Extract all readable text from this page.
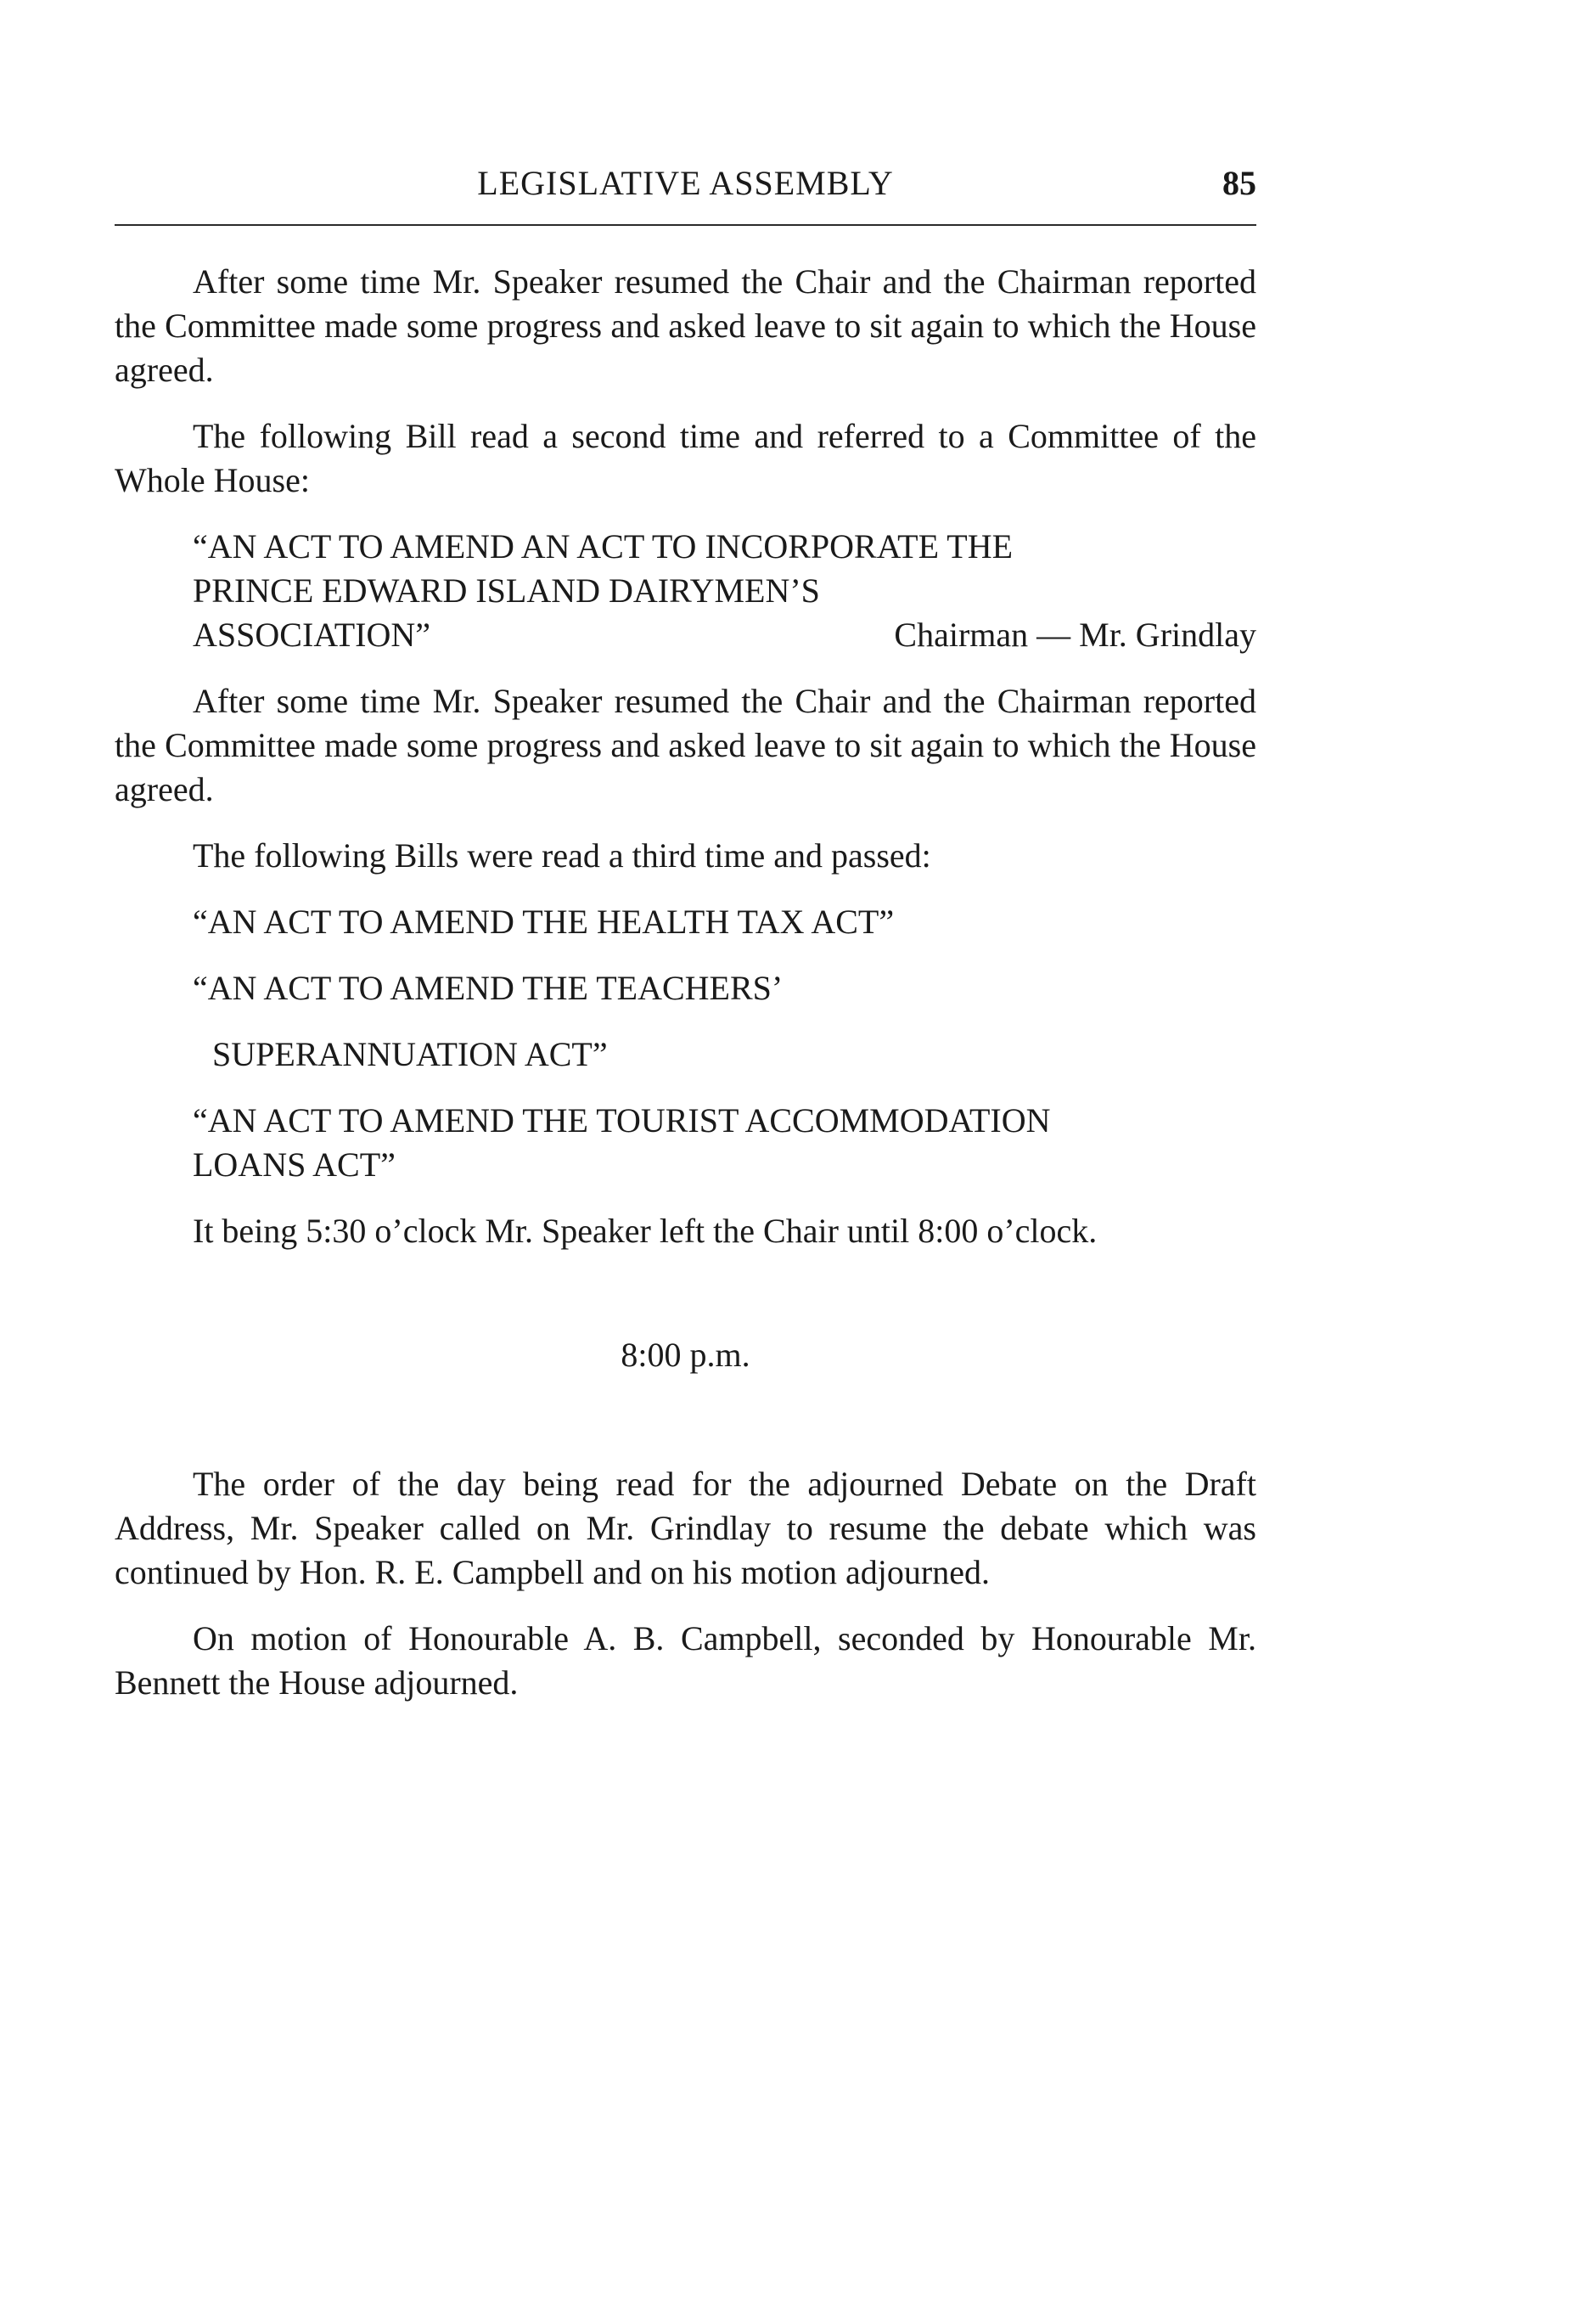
LEGISLATIVE ASSEMBLY	85

After some time Mr. Speaker resumed the Chair and the Chairman reported the Committee made some progress and asked leave to sit again to which the House agreed.

The following Bill read a second time and referred to a Committee of the Whole House:

“AN ACT TO AMEND AN ACT TO INCORPORATE THE
PRINCE EDWARD ISLAND DAIRYMEN’S
ASSOCIATION”	Chairman — Mr. Grindlay

After some time Mr. Speaker resumed the Chair and the Chairman reported the Committee made some progress and asked leave to sit again to which the House agreed.

The following Bills were read a third time and passed:

“AN ACT TO AMEND THE HEALTH TAX ACT”
“AN ACT TO AMEND THE TEACHERS’
SUPERANNUATION ACT”
“AN ACT TO AMEND THE TOURIST ACCOMMODATION
LOANS ACT”

It being 5:30 o’clock Mr. Speaker left the Chair until 8:00 o’clock.

8:00 p.m.

The order of the day being read for the adjourned Debate on the Draft Address, Mr. Speaker called on Mr. Grindlay to resume the debate which was continued by Hon. R. E. Campbell and on his motion adjourned.

On motion of Honourable A. B. Campbell, seconded by Honourable Mr. Bennett the House adjourned.
